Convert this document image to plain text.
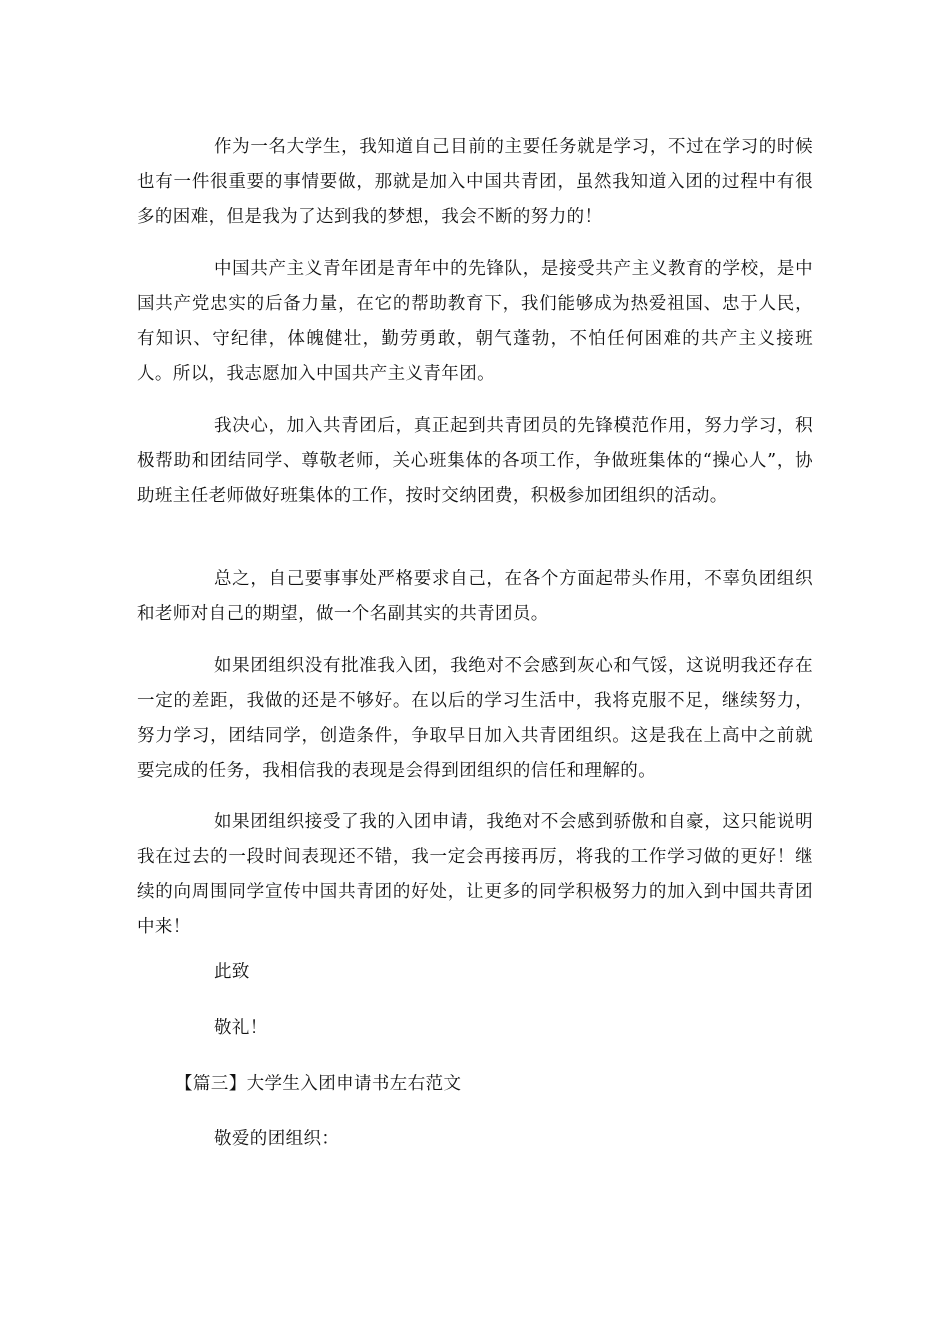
作为一名大学生，我知道自己目前的主要任务就是学习，不过在学习的时候也有一件很重要的事情要做，那就是加入中国共青团，虽然我知道入团的过程中有很多的困难，但是我为了达到我的梦想，我会不断的努力的！

中国共产主义青年团是青年中的先锋队，是接受共产主义教育的学校，是中国共产党忠实的后备力量，在它的帮助教育下，我们能够成为热爱祖国、忠于人民，有知识、守纪律，体魄健壮，勤劳勇敢，朝气蓬勃，不怕任何困难的共产主义接班人。所以，我志愿加入中国共产主义青年团。

我决心，加入共青团后，真正起到共青团员的先锋模范作用，努力学习，积极帮助和团结同学、尊敬老师，关心班集体的各项工作，争做班集体的“操心人”，协助班主任老师做好班集体的工作，按时交纳团费，积极参加团组织的活动。

总之，自己要事事处严格要求自己，在各个方面起带头作用，不辜负团组织和老师对自己的期望，做一个名副其实的共青团员。

如果团组织没有批准我入团，我绝对不会感到灰心和气馁，这说明我还存在一定的差距，我做的还是不够好。在以后的学习生活中，我将克服不足，继续努力，努力学习，团结同学，创造条件，争取早日加入共青团组织。这是我在上高中之前就要完成的任务，我相信我的表现是会得到团组织的信任和理解的。

如果团组织接受了我的入团申请，我绝对不会感到骄傲和自豪，这只能说明我在过去的一段时间表现还不错，我一定会再接再厉，将我的工作学习做的更好！继续的向周围同学宣传中国共青团的好处，让更多的同学积极努力的加入到中国共青团中来！

此致

敬礼！

【篇三】大学生入团申请书左右范文

敬爱的团组织：
